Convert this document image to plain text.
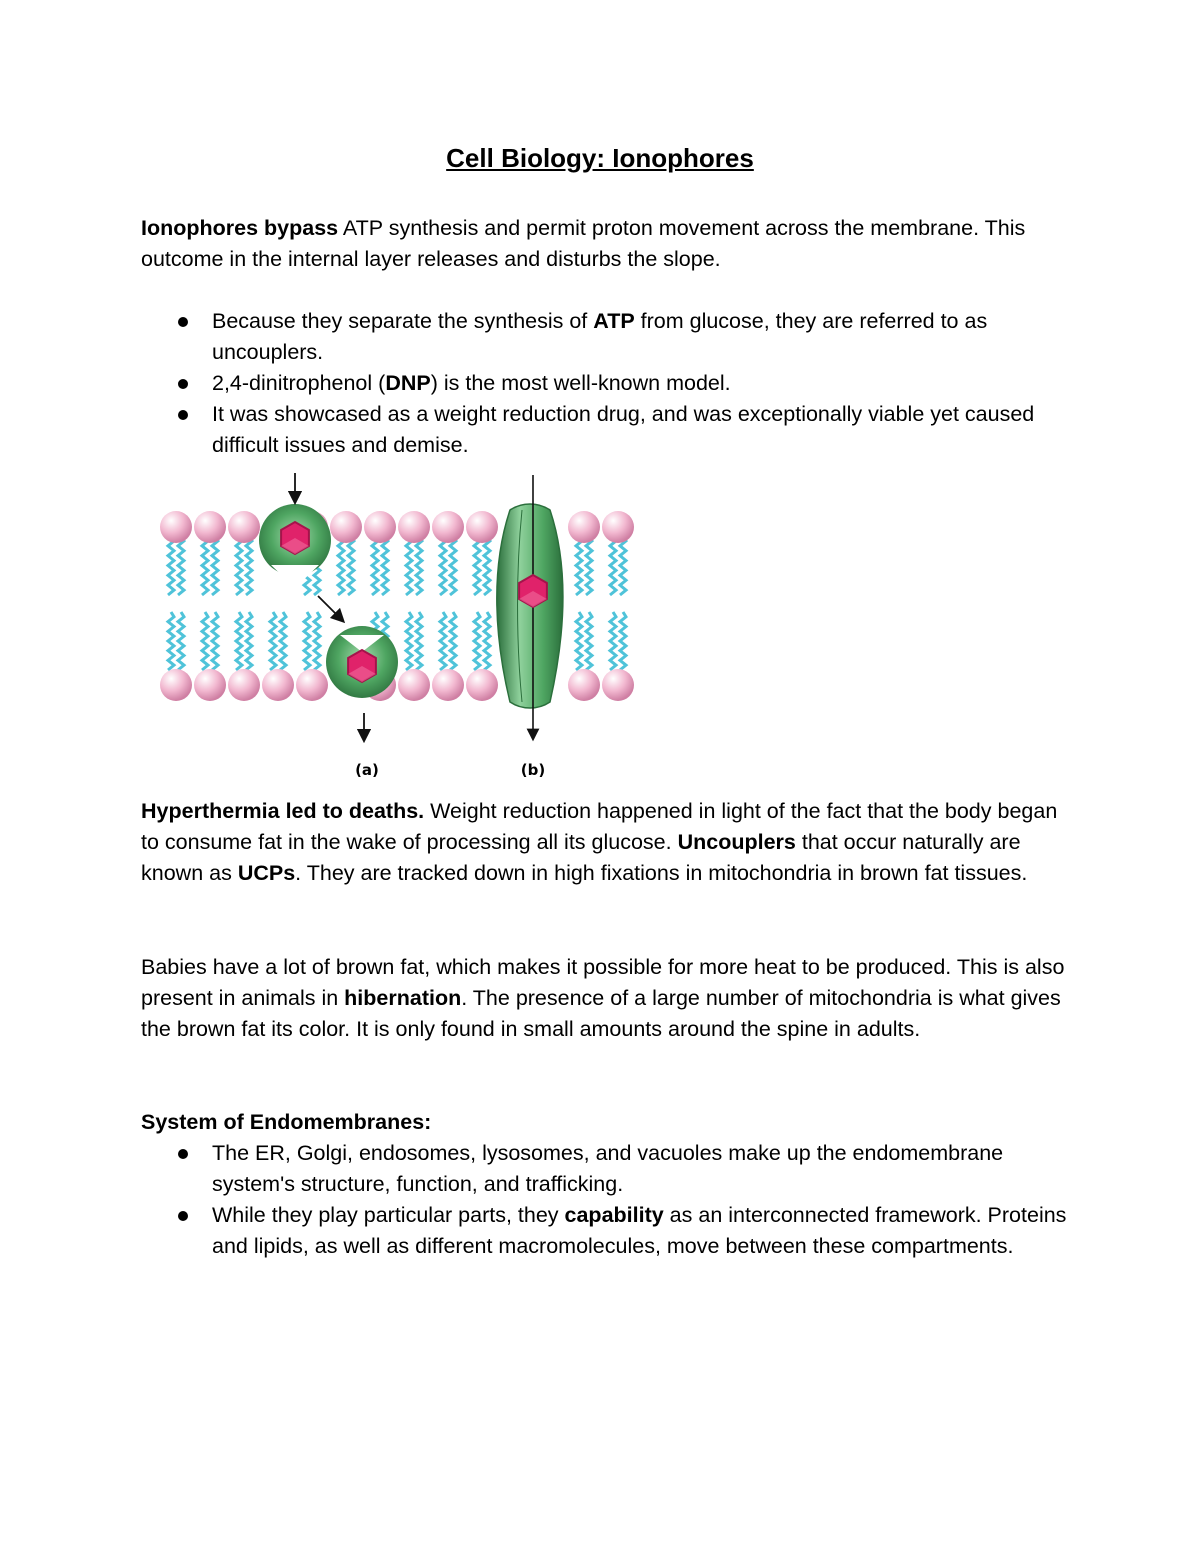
Cell Biology: Ionophores

Ionophores bypass ATP synthesis and permit proton movement across the membrane. This outcome in the internal layer releases and disturbs the slope.

Because they separate the synthesis of ATP from glucose, they are referred to as uncouplers.
2,4-dinitrophenol (DNP) is the most well-known model.
It was showcased as a weight reduction drug, and was exceptionally viable yet caused difficult issues and demise.
(a)	(b)

Hyperthermia led to deaths. Weight reduction happened in light of the fact that the body began to consume fat in the wake of processing all its glucose. Uncouplers that occur naturally are known as UCPs. They are tracked down in high fixations in mitochondria in brown fat tissues.

Babies have a lot of brown fat, which makes it possible for more heat to be produced. This is also present in animals in hibernation. The presence of a large number of mitochondria is what gives the brown fat its color. It is only found in small amounts around the spine in adults.

System of Endomembranes:

The ER, Golgi, endosomes, lysosomes, and vacuoles make up the endomembrane system's structure, function, and trafficking.
While they play particular parts, they capability as an interconnected framework. Proteins and lipids, as well as different macromolecules, move between these compartments.
